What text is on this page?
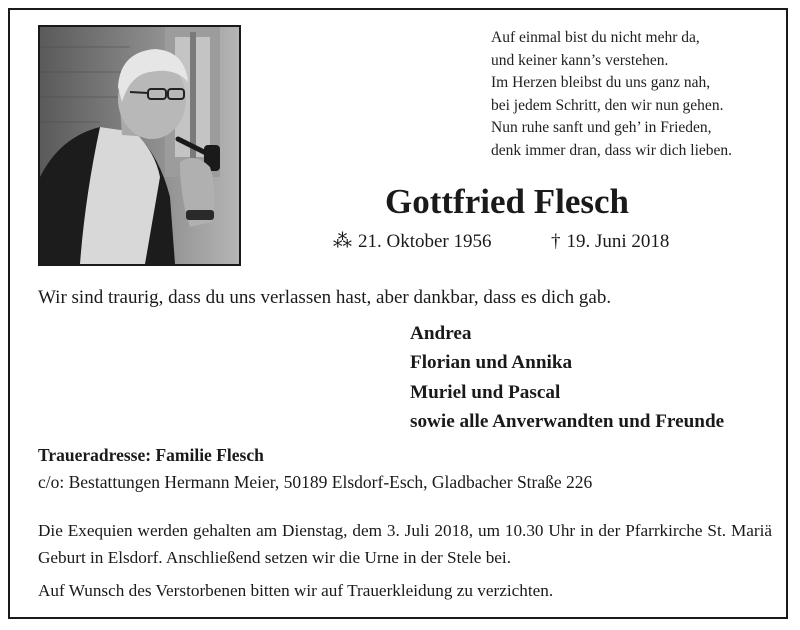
Auf einmal bist du nicht mehr da,
und keiner kann’s verstehen.
Im Herzen bleibst du uns ganz nah,
bei jedem Schritt, den wir nun gehen.
Nun ruhe sanft und geh’ in Frieden,
denk immer dran, dass wir dich lieben.
Gottfried Flesch
⁂ 21. Oktober 1956	† 19. Juni 2018
Wir sind traurig, dass du uns verlassen hast, aber dankbar, dass es dich gab.
Andrea
Florian und Annika
Muriel und Pascal
sowie alle Anverwandten und Freunde
Traueradresse: Familie Flesch
c/o: Bestattungen Hermann Meier, 50189 Elsdorf-Esch, Gladbacher Straße 226
Die Exequien werden gehalten am Dienstag, dem 3. Juli 2018, um 10.30 Uhr in der Pfarrkirche St. Mariä Geburt in Elsdorf. Anschließend setzen wir die Urne in der Stele bei.
Auf Wunsch des Verstorbenen bitten wir auf Trauerkleidung zu verzichten.
